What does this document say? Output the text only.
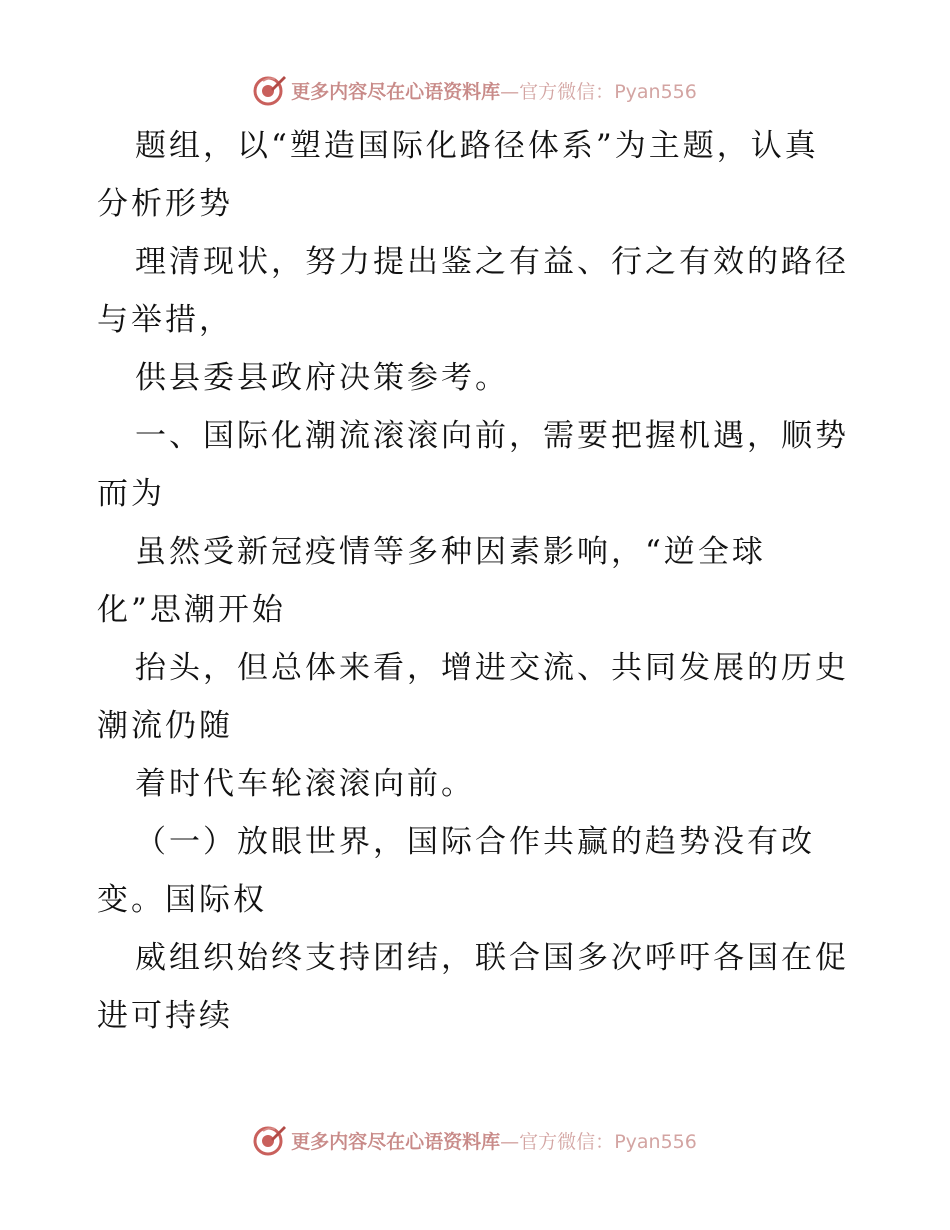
更多内容尽在心语资料库—官方微信：Pyan556
题组，以“塑造国际化路径体系”为主题，认真
分析形势
理清现状，努力提出鉴之有益、行之有效的路径
与举措，
供县委县政府决策参考。
一、国际化潮流滚滚向前，需要把握机遇，顺势
而为
虽然受新冠疫情等多种因素影响，“逆全球
化”思潮开始
抬头，但总体来看，增进交流、共同发展的历史
潮流仍随
着时代车轮滚滚向前。
（一）放眼世界，国际合作共赢的趋势没有改
变。国际权
威组织始终支持团结，联合国多次呼吁各国在促
进可持续
更多内容尽在心语资料库—官方微信：Pyan556
